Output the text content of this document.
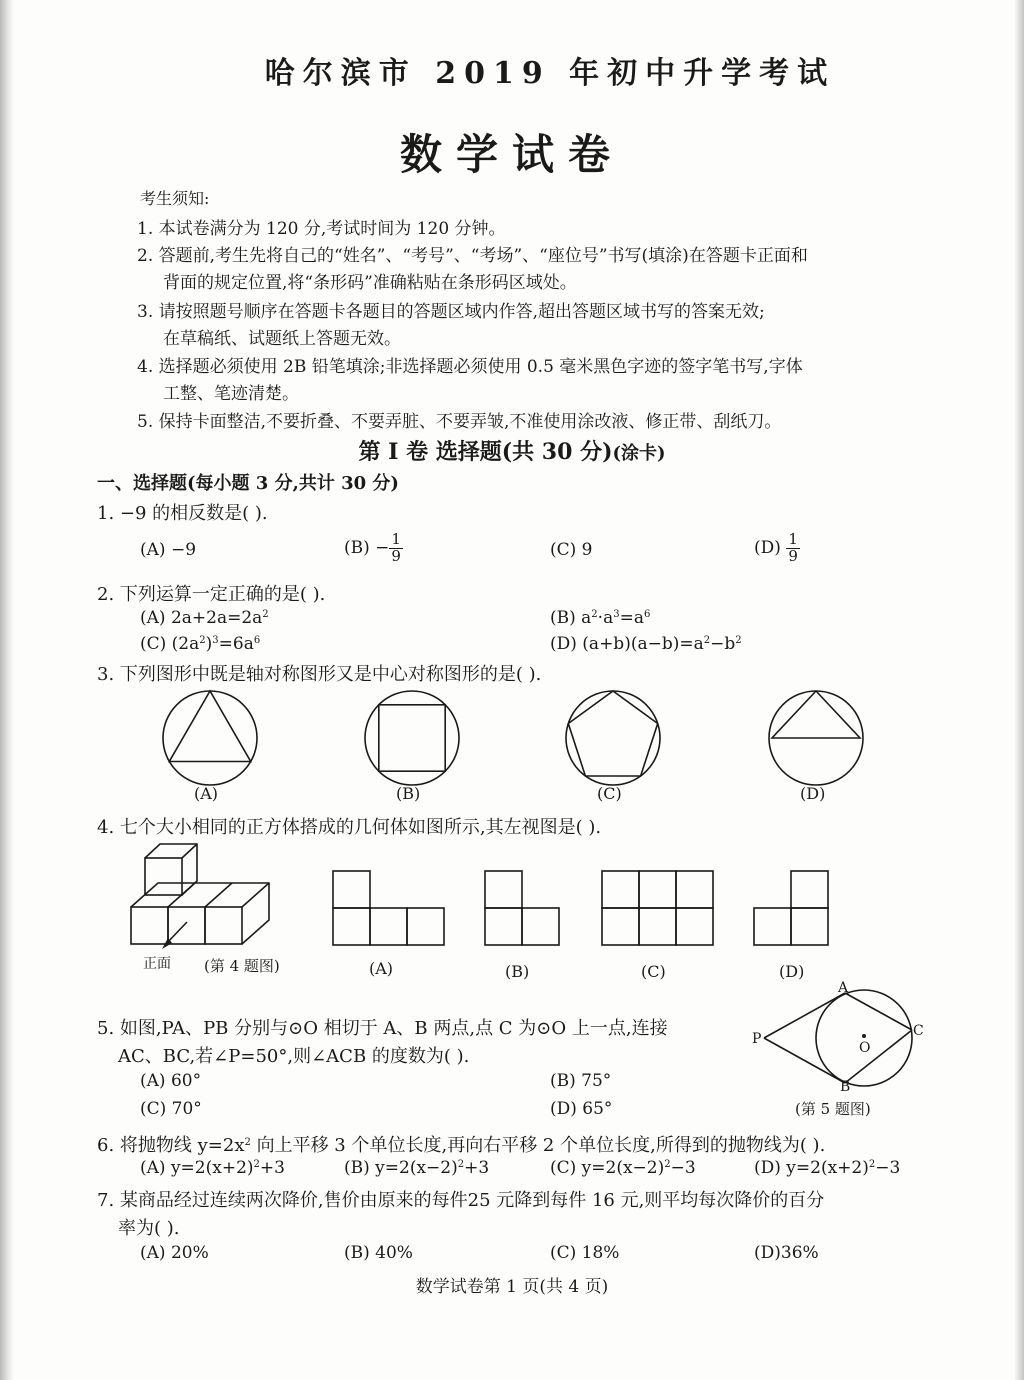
哈尔滨市 2019 年初中升学考试
数学试卷
考生须知:
1. 本试卷满分为 120 分,考试时间为 120 分钟。
2. 答题前,考生先将自己的“姓名”、“考号”、“考场”、“座位号”书写(填涂)在答题卡正面和
背面的规定位置,将“条形码”准确粘贴在条形码区域处。
3. 请按照题号顺序在答题卡各题目的答题区域内作答,超出答题区域书写的答案无效;
在草稿纸、试题纸上答题无效。
4. 选择题必须使用 2B 铅笔填涂;非选择题必须使用 0.5 毫米黑色字迹的签字笔书写,字体
工整、笔迹清楚。
5. 保持卡面整洁,不要折叠、不要弄脏、不要弄皱,不准使用涂改液、修正带、刮纸刀。
第 I 卷 选择题(共 30 分)(涂卡)
一、选择题(每小题 3 分,共计 30 分)
1. −9 的相反数是( ).
(A) −9	$(B) - \frac{1}{9}$	(C) 9	$(D) \frac{1}{9}$
2. 下列运算一定正确的是( ).
(A) $2a+2a=2a^2$	(B) $a^2\cdot a^3=a^6$
(C) $(2a^2)^3=6a^6$	(D) $(a+b)(a-b)=a^2-b^2$
3. 下列图形中既是轴对称图形又是中心对称图形的是( ).
(A)	(B)	(C)	(D)
4. 七个大小相同的正方体搭成的几何体如图所示,其左视图是( ).
正面 (第 4 题图)	(A)	(B)	(C)	(D)
5. 如图,PA、PB 分别与⊙O 相切于 A、B 两点,点 C 为⊙O 上一点,连接
AC、BC,若∠P=50°,则∠ACB 的度数为( ).
(A) 60°	(B) 75°
(C) 70°	(D) 65°
A
P
O
C
B
(第 5 题图)
6. 将抛物线 $y=2x^2$ 向上平移 3 个单位长度,再向右平移 2 个单位长度,所得到的抛物线为( ).
(A) $y=2(x+2)^2+3$	(B) $y=2(x-2)^2+3$	(C) $y=2(x-2)^2-3$	(D) $y=2(x+2)^2-3$
7. 某商品经过连续两次降价,售价由原来的每件25 元降到每件 16 元,则平均每次降价的百分
率为( ).
(A) 20%	(B) 40%	(C) 18%	(D)36%
数学试卷第 1 页(共 4 页)
